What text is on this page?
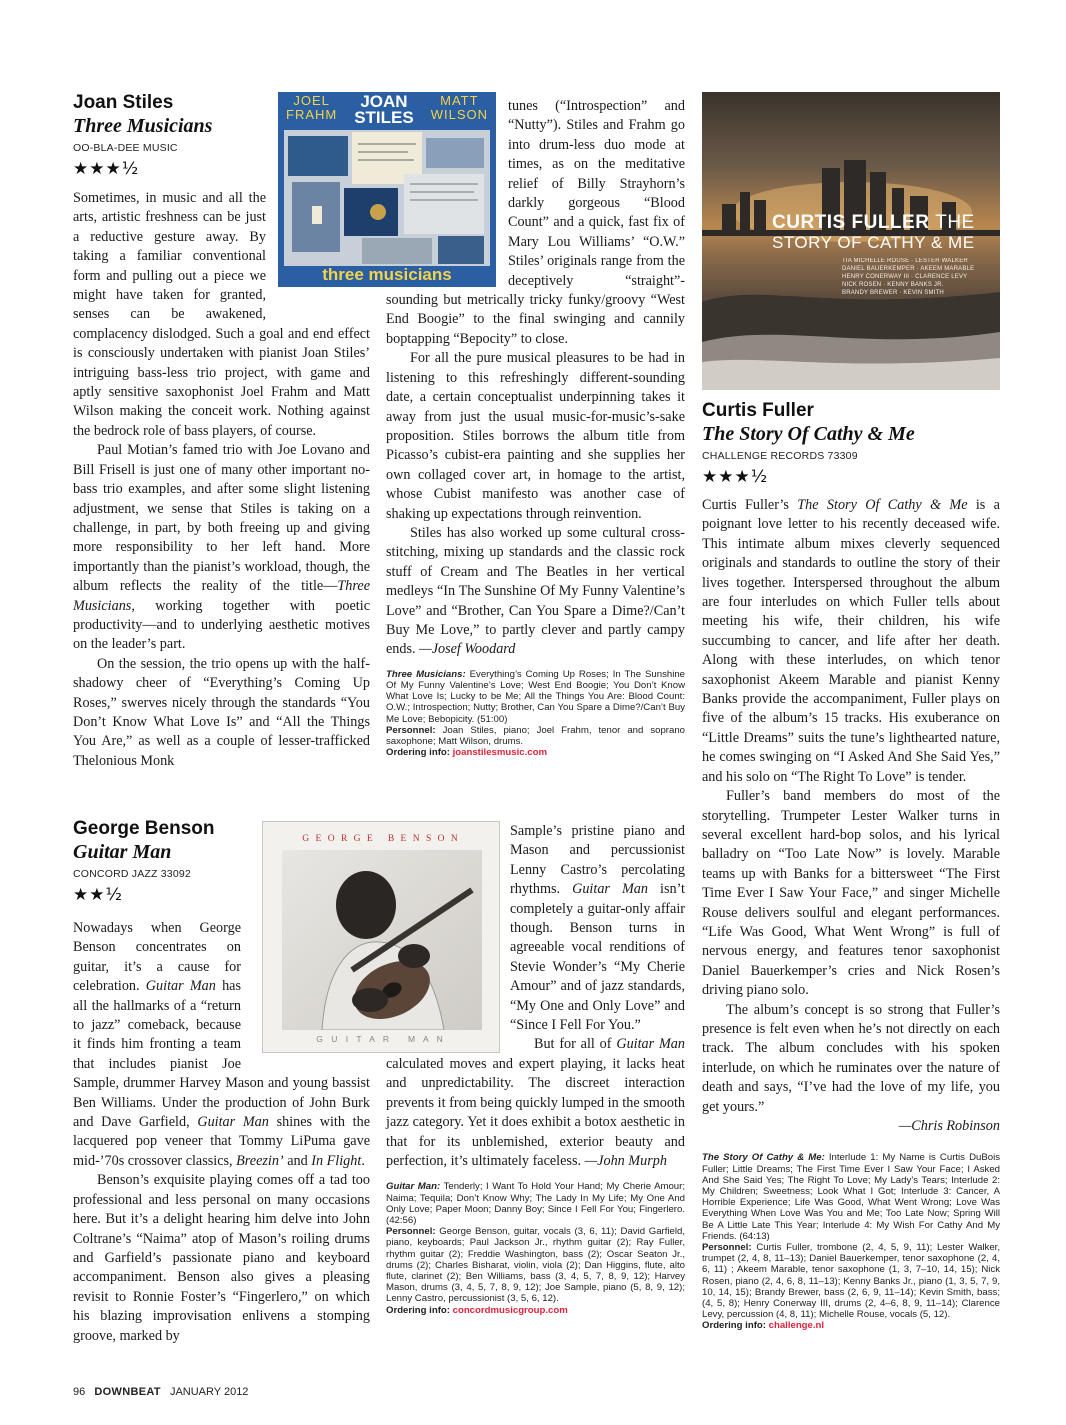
Joan Stiles
Three Musicians
OO-BLA-DEE MUSIC
★★★½
JOEL
FRAHM
JOAN
STILES
MATT
WILSON
three musicians

Sometimes, in music and all the arts, artistic freshness can be just a reductive gesture away. By taking a familiar conventional form and pulling out a piece we might have taken for granted, senses can be awakened, complacency dislodged. Such a goal and end effect is consciously undertaken with pianist Joan Stiles’ intriguing bass-less trio project, with game and aptly sensitive saxophonist Joel Frahm and Matt Wilson making the conceit work. Nothing against the bedrock role of bass players, of course.

Paul Motian’s famed trio with Joe Lovano and Bill Frisell is just one of many other important no-bass trio examples, and after some slight listening adjustment, we sense that Stiles is taking on a challenge, in part, by both freeing up and giving more responsibility to her left hand. More importantly than the pianist’s workload, though, the album reflects the reality of the title—Three Musicians, working together with poetic productivity—and to underlying aesthetic motives on the leader’s part.

On the session, the trio opens up with the half-shadowy cheer of “Everything’s Coming Up Roses,” swerves nicely through the standards “You Don’t Know What Love Is” and “All the Things You Are,” as well as a couple of lesser-trafficked Thelonious Monk

tunes (“Introspection” and “Nutty”). Stiles and Frahm go into drum-less duo mode at times, as on the meditative relief of Billy Strayhorn’s darkly gorgeous “Blood Count” and a quick, fast fix of Mary Lou Williams’ “O.W.” Stiles’ originals range from the deceptively “straight”-sounding but metrically tricky funky/groovy “West End Boogie” to the final swinging and cannily boptapping “Bepocity” to close.

For all the pure musical pleasures to be had in listening to this refreshingly different-sounding date, a certain conceptualist underpinning takes it away from just the usual music-for-music’s-sake proposition. Stiles borrows the album title from Picasso’s cubist-era painting and she supplies her own collaged cover art, in homage to the artist, whose Cubist manifesto was another case of shaking up expectations through reinvention.

Stiles has also worked up some cultural cross-stitching, mixing up standards and the classic rock stuff of Cream and The Beatles in her vertical medleys “In The Sunshine Of My Funny Valentine’s Love” and “Brother, Can You Spare a Dime?/Can’t Buy Me Love,” to partly clever and partly campy ends. —Josef Woodard

Three Musicians: Everything’s Coming Up Roses; In The Sunshine Of My Funny Valentine’s Love; West End Boogie; You Don’t Know What Love Is; Lucky to be Me; All the Things You Are: Blood Count: O.W.; Introspection; Nutty; Brother, Can You Spare a Dime?/Can’t Buy Me Love; Bebopicity. (51:00)
Personnel: Joan Stiles, piano; Joel Frahm, tenor and soprano saxophone; Matt Wilson, drums.
Ordering info: joanstilesmusic.com
George Benson
Guitar Man
CONCORD JAZZ 33092
★★½
G E O R G E   B E N S O N
G U I T A R   M A N

Nowadays when George Benson concentrates on guitar, it’s a cause for celebration. Guitar Man has all the hallmarks of a “return to jazz” comeback, because it finds him fronting a team that includes pianist Joe Sample, drummer Harvey Mason and young bassist Ben Williams. Under the production of John Burk and Dave Garfield, Guitar Man shines with the lacquered pop veneer that Tommy LiPuma gave mid-’70s crossover classics, Breezin’ and In Flight.

Benson’s exquisite playing comes off a tad too professional and less personal on many occasions here. But it’s a delight hearing him delve into John Coltrane’s “Naima” atop of Mason’s roiling drums and Garfield’s passionate piano and keyboard accompaniment. Benson also gives a pleasing revisit to Ronnie Foster’s “Fingerlero,” on which his blazing improvisation enlivens a stomping groove, marked by

Sample’s pristine piano and Mason and percussionist Lenny Castro’s percolating rhythms. Guitar Man isn’t completely a guitar-only affair though. Benson turns in agreeable vocal renditions of Stevie Wonder’s “My Cherie Amour” and of jazz standards, “My One and Only Love” and “Since I Fell For You.”

But for all of Guitar Man calculated moves and expert playing, it lacks heat and unpredictability. The discreet interaction prevents it from being quickly lumped in the smooth jazz category. Yet it does exhibit a botox aesthetic in that for its unblemished, exterior beauty and perfection, it’s ultimately faceless. —John Murph

Guitar Man: Tenderly; I Want To Hold Your Hand; My Cherie Amour; Naima; Tequila; Don’t Know Why; The Lady In My Life; My One And Only Love; Paper Moon; Danny Boy; Since I Fell For You; Fingerlero. (42:56)
Personnel: George Benson, guitar, vocals (3, 6, 11); David Garfield, piano, keyboards; Paul Jackson Jr., rhythm guitar (2); Ray Fuller, rhythm guitar (2); Freddie Washington, bass (2); Oscar Seaton Jr., drums (2); Charles Bisharat, violin, viola (2); Dan Higgins, flute, alto flute, clarinet (2); Ben Williams, bass (3, 4, 5, 7, 8, 9, 12); Harvey Mason, drums (3, 4, 5, 7, 8, 9, 12); Joe Sample, piano (5, 8, 9, 12); Lenny Castro, percussionist (3, 5, 6, 12).
Ordering info: concordmusicgroup.com
CURTIS FULLER THE
STORY OF CATHY & ME
TIA MICHELLE ROUSE · LESTER WALKER
DANIEL BAUERKEMPER · AKEEM MARABLE
HENRY CONERWAY III · CLARENCE LEVY
NICK ROSEN · KENNY BANKS JR.
BRANDY BREWER · KEVIN SMITH
Curtis Fuller
The Story Of Cathy & Me
CHALLENGE RECORDS 73309
★★★½

Curtis Fuller’s The Story Of Cathy & Me is a poignant love letter to his recently deceased wife. This intimate album mixes cleverly sequenced originals and standards to outline the story of their lives together. Interspersed throughout the album are four interludes on which Fuller tells about meeting his wife, their children, his wife succumbing to cancer, and life after her death. Along with these interludes, on which tenor saxophonist Akeem Marable and pianist Kenny Banks provide the accompaniment, Fuller plays on five of the album’s 15 tracks. His exuberance on “Little Dreams” suits the tune’s lighthearted nature, he comes swinging on “I Asked And She Said Yes,” and his solo on “The Right To Love” is tender.

Fuller’s band members do most of the storytelling. Trumpeter Lester Walker turns in several excellent hard-bop solos, and his lyrical balladry on “Too Late Now” is lovely. Marable teams up with Banks for a bittersweet “The First Time Ever I Saw Your Face,” and singer Michelle Rouse delivers soulful and elegant performances. “Life Was Good, What Went Wrong” is full of nervous energy, and features tenor saxophonist Daniel Bauerkemper’s cries and Nick Rosen’s driving piano solo.

The album’s concept is so strong that Fuller’s presence is felt even when he’s not directly on each track. The album concludes with his spoken interlude, on which he ruminates over the nature of death and says, “I’ve had the love of my life, you get yours.”

—Chris Robinson
The Story Of Cathy & Me: Interlude 1: My Name is Curtis DuBois Fuller; Little Dreams; The First Time Ever I Saw Your Face; I Asked And She Said Yes; The Right To Love; My Lady’s Tears; Interlude 2: My Children; Sweetness; Look What I Got; Interlude 3: Cancer, A Horrible Experience; Life Was Good, What Went Wrong; Love Was Everything When Love Was You and Me; Too Late Now; Spring Will Be A Little Late This Year; Interlude 4: My Wish For Cathy And My Friends. (64:13)
Personnel: Curtis Fuller, trombone (2, 4, 5, 9, 11); Lester Walker, trumpet (2, 4, 8, 11–13); Daniel Bauerkemper, tenor saxophone (2, 4, 6, 11) ; Akeem Marable, tenor saxophone (1, 3, 7–10, 14, 15); Nick Rosen, piano (2, 4, 6, 8, 11–13); Kenny Banks Jr., piano (1, 3, 5, 7, 9, 10, 14, 15); Brandy Brewer, bass (2, 6, 9, 11–14); Kevin Smith, bass; (4, 5, 8); Henry Conerway III, drums (2, 4–6, 8, 9, 11–14); Clarence Levy, percussion (4, 8, 11); Michelle Rouse, vocals (5, 12).
Ordering info: challenge.nl
96 DOWNBEAT JANUARY 2012
